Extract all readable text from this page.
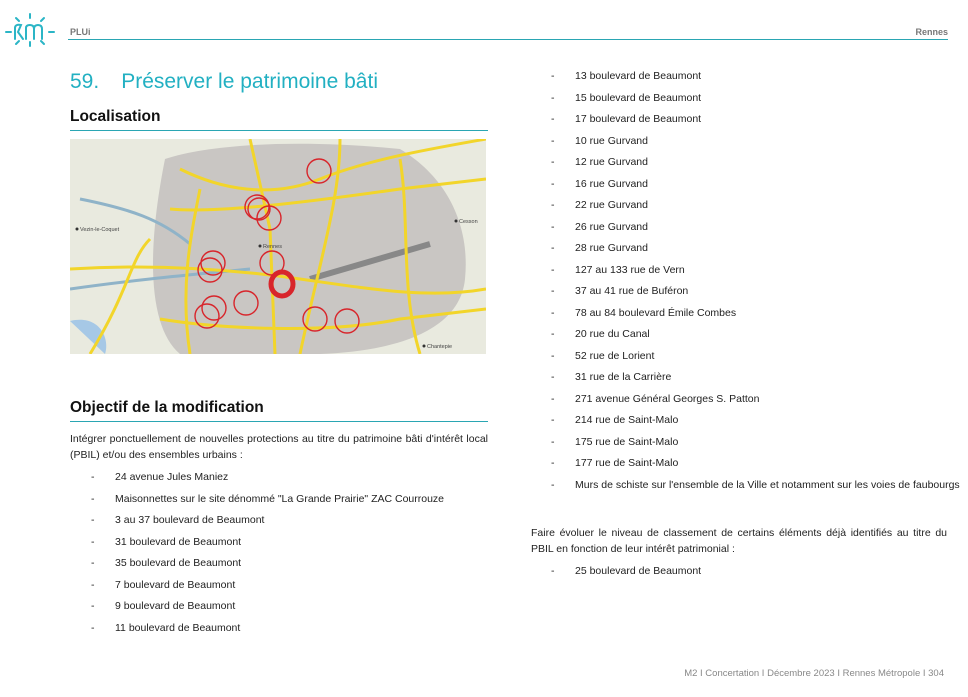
PLUi	Rennes
59. Préserver le patrimoine bâti
Localisation
Vezin-le-Coquet
Rennes
Cesson
Chantepie
Objectif de la modification
Intégrer ponctuellement de nouvelles protections au titre du patrimoine bâti d'intérêt local (PBIL) et/ou des ensembles urbains :
- 24 avenue Jules Maniez
- Maisonnettes sur le site dénommé "La Grande Prairie" ZAC Courrouze
- 3 au 37 boulevard de Beaumont
- 31 boulevard de Beaumont
- 35 boulevard de Beaumont
- 7 boulevard de Beaumont
- 9 boulevard de Beaumont
- 11 boulevard de Beaumont
- 13 boulevard de Beaumont
- 15 boulevard de Beaumont
- 17 boulevard de Beaumont
- 10 rue Gurvand
- 12 rue Gurvand
- 16 rue Gurvand
- 22 rue Gurvand
- 26 rue Gurvand
- 28 rue Gurvand
- 127 au 133 rue de Vern
- 37 au 41 rue de Buféron
- 78 au 84 boulevard Émile Combes
- 20 rue du Canal
- 52 rue de Lorient
- 31 rue de la Carrière
- 271 avenue Général Georges S. Patton
- 214 rue de Saint-Malo
- 175 rue de Saint-Malo
- 177 rue de Saint-Malo
- Murs de schiste sur l'ensemble de la Ville et notamment sur les voies de faubourgs
Faire évoluer le niveau de classement de certains éléments déjà identifiés au titre du PBIL en fonction de leur intérêt patrimonial :
- 25 boulevard de Beaumont
M2 I Concertation I Décembre 2023 I Rennes Métropole I 304
